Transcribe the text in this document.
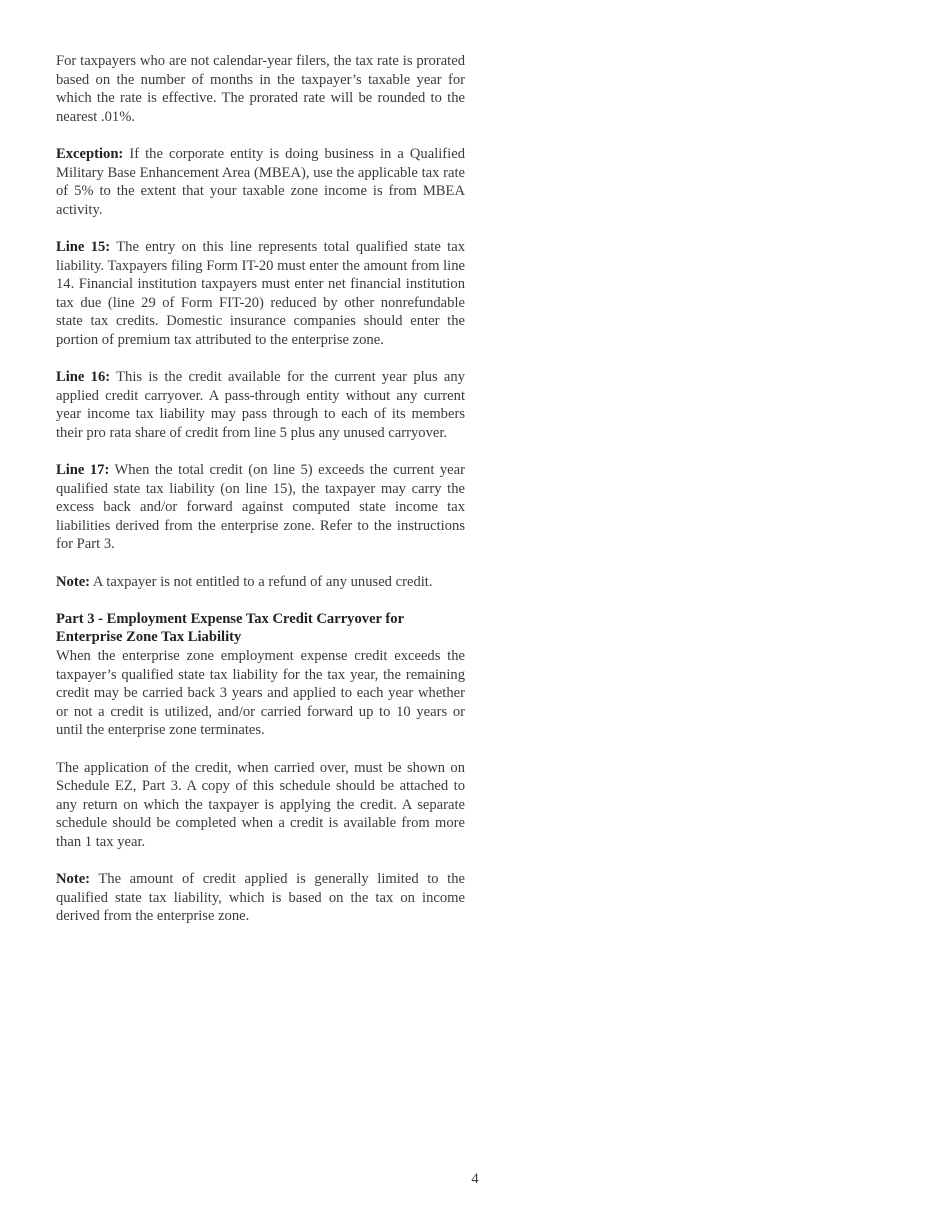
For taxpayers who are not calendar-year filers, the tax rate is prorated based on the number of months in the taxpayer’s taxable year for which the rate is effective. The prorated rate will be rounded to the nearest .01%.

Exception: If the corporate entity is doing business in a Qualified Military Base Enhancement Area (MBEA), use the applicable tax rate of 5% to the extent that your taxable zone income is from MBEA activity.

Line 15: The entry on this line represents total qualified state tax liability. Taxpayers filing Form IT-20 must enter the amount from line 14. Financial institution taxpayers must enter net financial institution tax due (line 29 of Form FIT-20) reduced by other nonrefundable state tax credits. Domestic insurance companies should enter the portion of premium tax attributed to the enterprise zone.

Line 16: This is the credit available for the current year plus any applied credit carryover. A pass-through entity without any current year income tax liability may pass through to each of its members their pro rata share of credit from line 5 plus any unused carryover.

Line 17: When the total credit (on line 5) exceeds the current year qualified state tax liability (on line 15), the taxpayer may carry the excess back and/or forward against computed state income tax liabilities derived from the enterprise zone. Refer to the instructions for Part 3.

Note: A taxpayer is not entitled to a refund of any unused credit.

Part 3 - Employment Expense Tax Credit Carryover for Enterprise Zone Tax Liability

When the enterprise zone employment expense credit exceeds the taxpayer’s qualified state tax liability for the tax year, the remaining credit may be carried back 3 years and applied to each year whether or not a credit is utilized, and/or carried forward up to 10 years or until the enterprise zone terminates.

The application of the credit, when carried over, must be shown on Schedule EZ, Part 3. A copy of this schedule should be attached to any return on which the taxpayer is applying the credit. A separate schedule should be completed when a credit is available from more than 1 tax year.

Note: The amount of credit applied is generally limited to the qualified state tax liability, which is based on the tax on income derived from the enterprise zone.

4
